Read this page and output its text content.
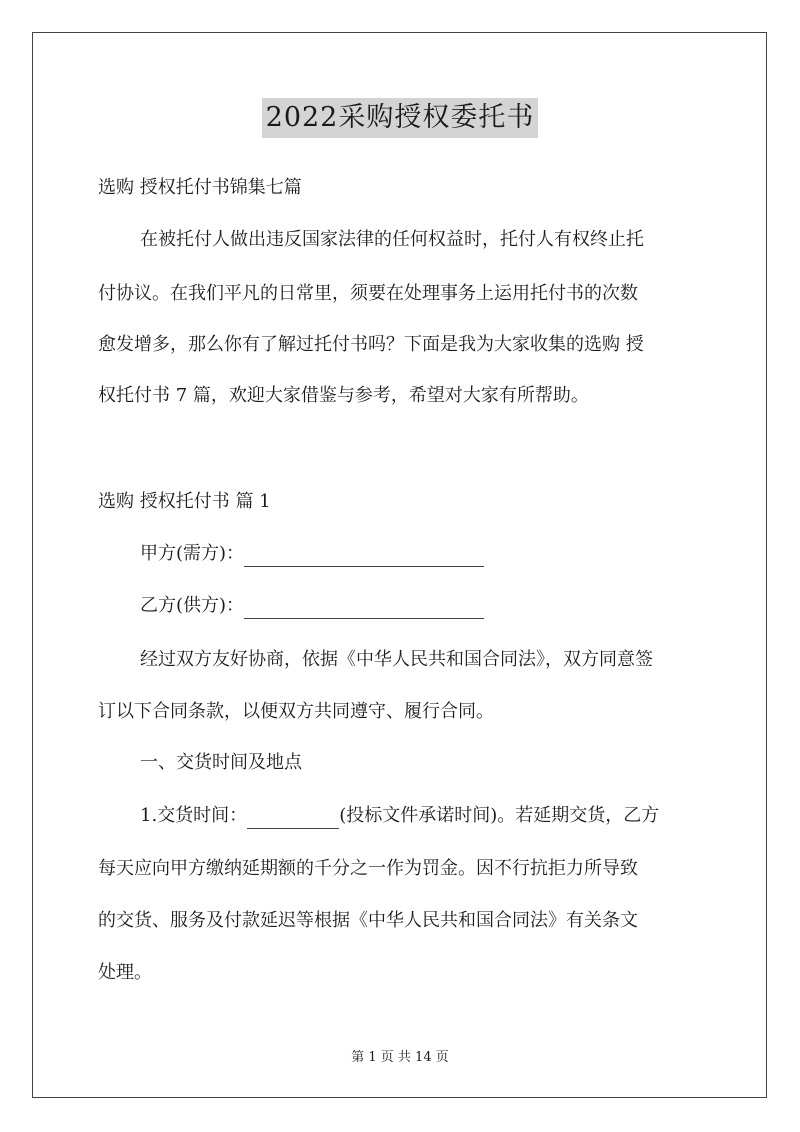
2022采购授权委托书
选购 授权托付书锦集七篇
在被托付人做出违反国家法律的任何权益时，托付人有权终止托
付协议。在我们平凡的日常里，须要在处理事务上运用托付书的次数
愈发增多，那么你有了解过托付书吗？下面是我为大家收集的选购 授
权托付书 7 篇，欢迎大家借鉴与参考，希望对大家有所帮助。
选购 授权托付书 篇 1
甲方(需方)：
乙方(供方)：
经过双方友好协商，依据《中华人民共和国合同法》，双方同意签
订以下合同条款，以便双方共同遵守、履行合同。
一、交货时间及地点
1.交货时间：	(投标文件承诺时间)。若延期交货，乙方
每天应向甲方缴纳延期额的千分之一作为罚金。因不行抗拒力所导致
的交货、服务及付款延迟等根据《中华人民共和国合同法》有关条文
处理。
第 1 页 共 14 页
